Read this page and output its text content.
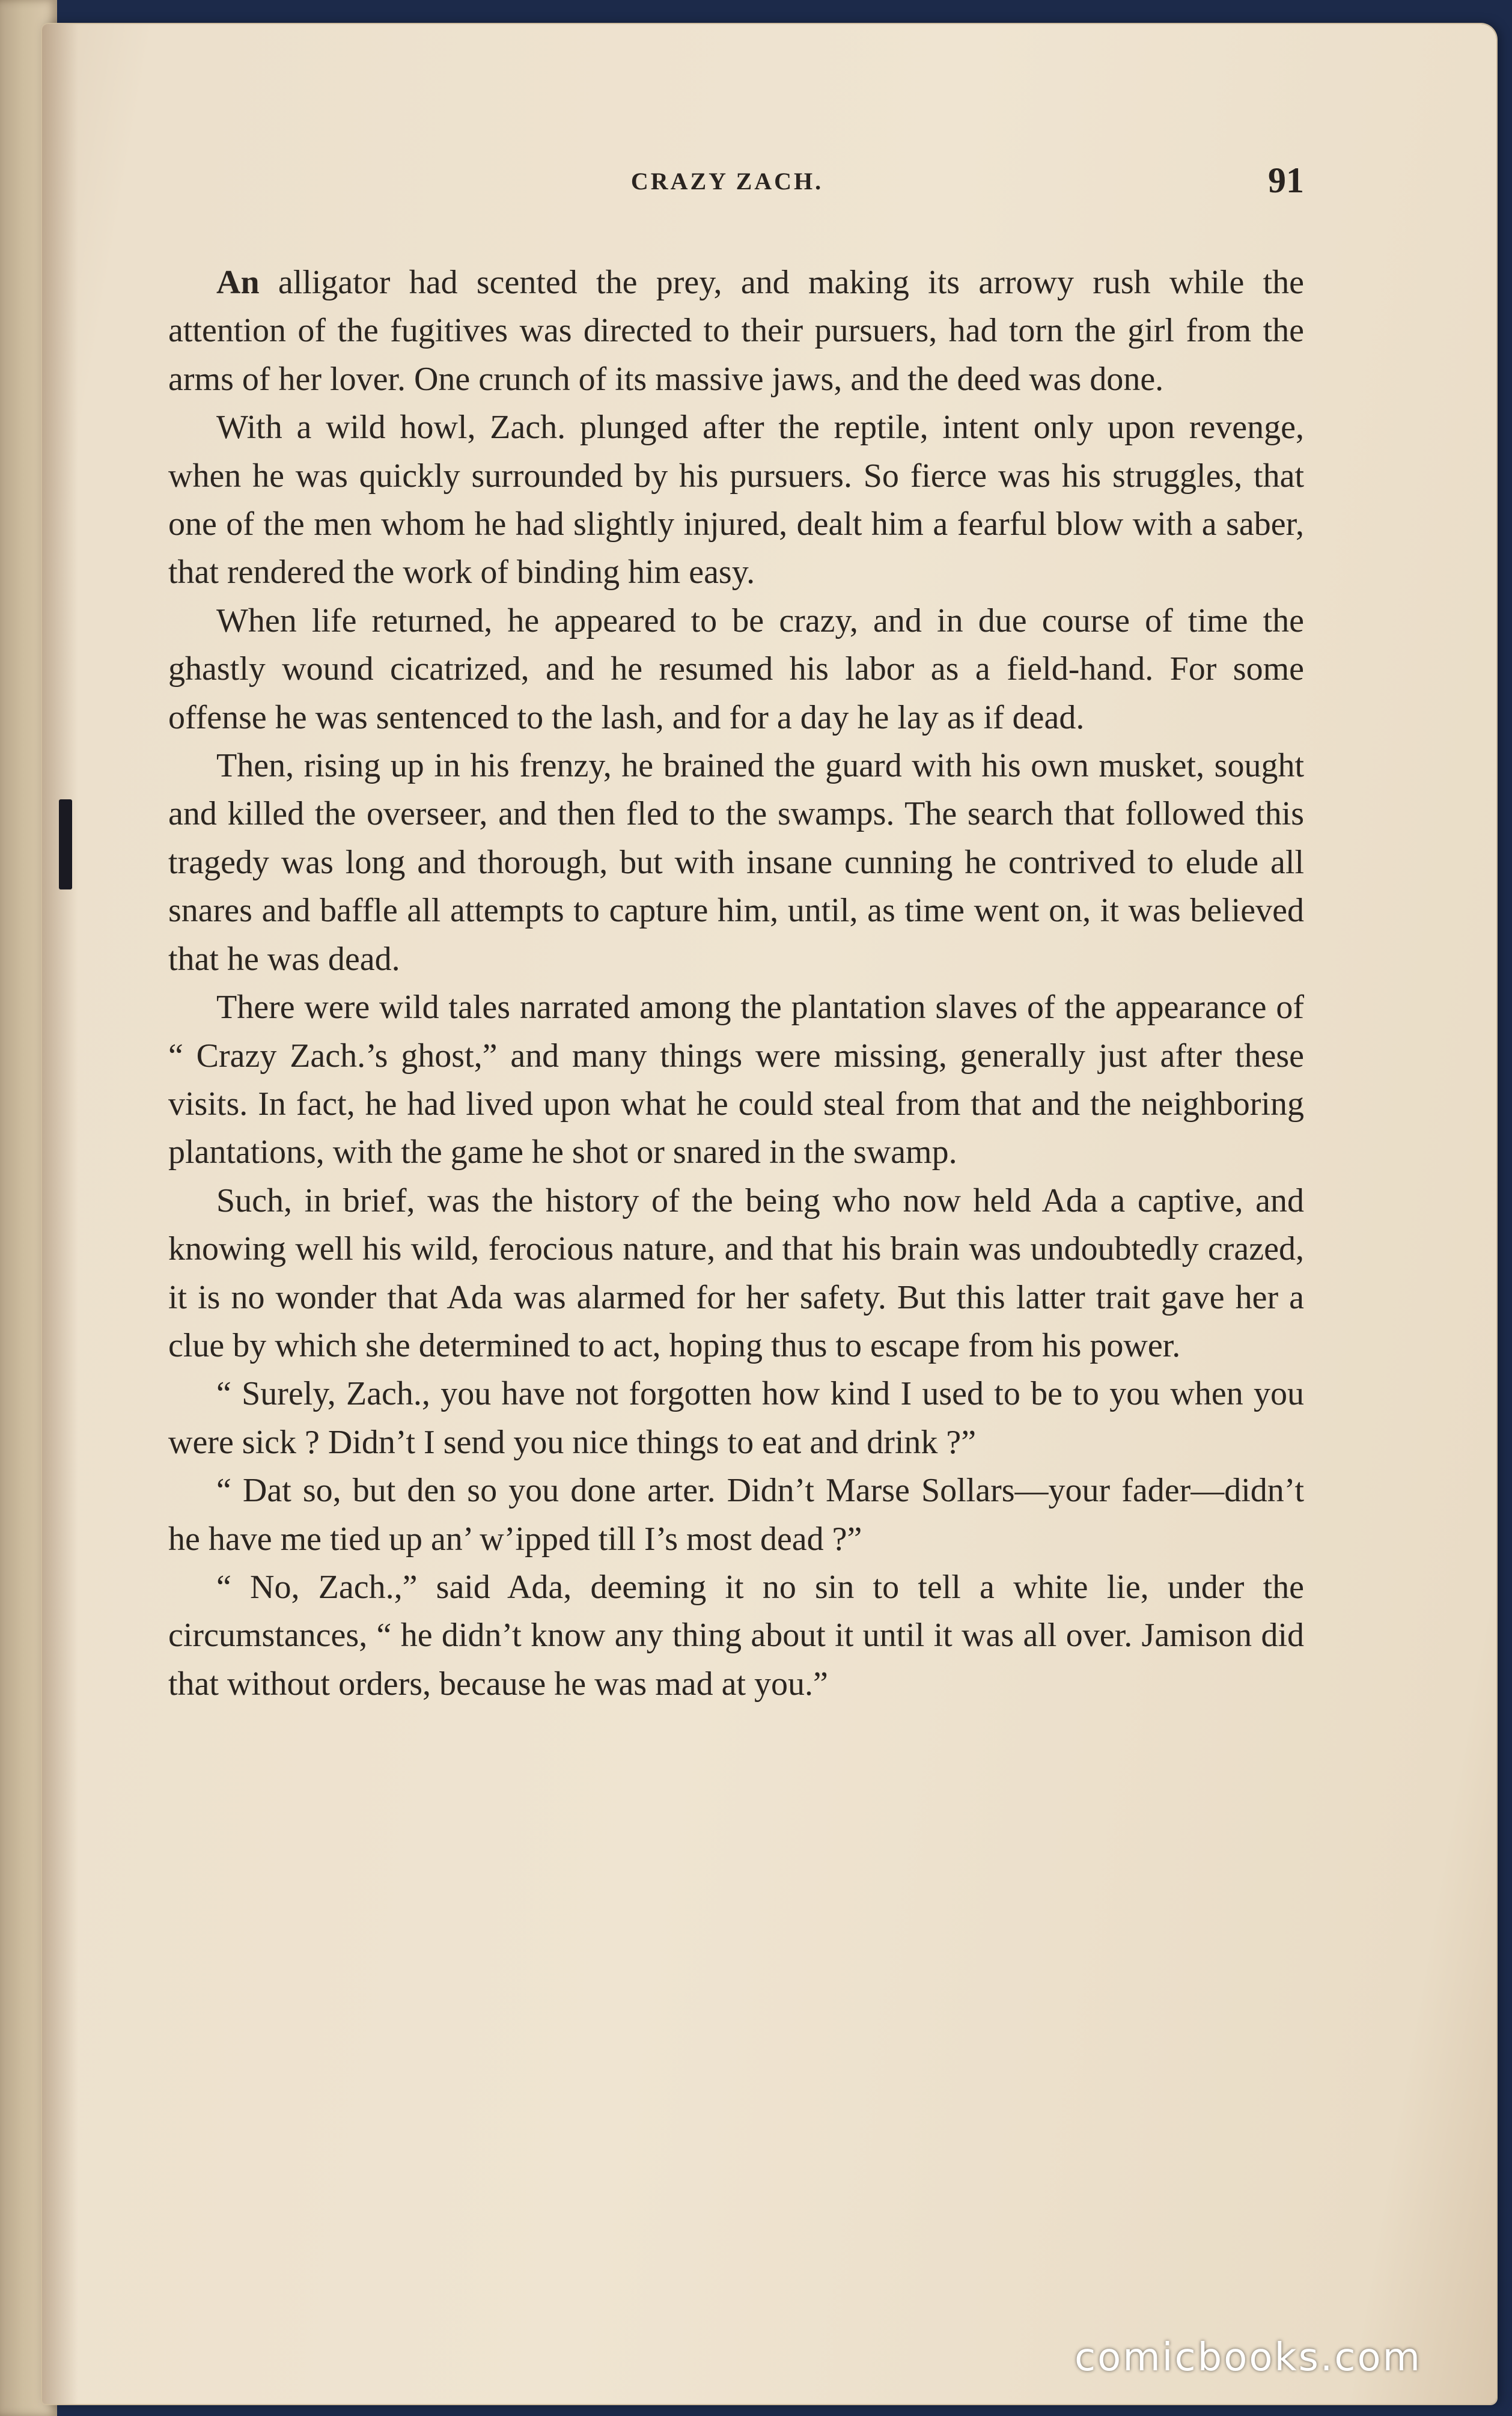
CRAZY ZACH.	91

An alligator had scented the prey, and making its arrowy rush while the attention of the fugitives was directed to their pursuers, had torn the girl from the arms of her lover. One crunch of its massive jaws, and the deed was done.

With a wild howl, Zach. plunged after the reptile, intent only upon revenge, when he was quickly surrounded by his pursuers. So fierce was his struggles, that one of the men whom he had slightly injured, dealt him a fearful blow with a saber, that rendered the work of binding him easy.

When life returned, he appeared to be crazy, and in due course of time the ghastly wound cicatrized, and he resumed his labor as a field-hand. For some offense he was sentenced to the lash, and for a day he lay as if dead.

Then, rising up in his frenzy, he brained the guard with his own musket, sought and killed the overseer, and then fled to the swamps. The search that followed this tragedy was long and thorough, but with insane cunning he contrived to elude all snares and baffle all attempts to capture him, until, as time went on, it was believed that he was dead.

There were wild tales narrated among the plantation slaves of the appearance of “ Crazy Zach.’s ghost,” and many things were missing, generally just after these visits. In fact, he had lived upon what he could steal from that and the neighboring plantations, with the game he shot or snared in the swamp.

Such, in brief, was the history of the being who now held Ada a captive, and knowing well his wild, ferocious nature, and that his brain was undoubtedly crazed, it is no wonder that Ada was alarmed for her safety. But this latter trait gave her a clue by which she determined to act, hoping thus to escape from his power.

“ Surely, Zach., you have not forgotten how kind I used to be to you when you were sick ? Didn’t I send you nice things to eat and drink ?”

“ Dat so, but den so you done arter. Didn’t Marse Sollars—your fader—didn’t he have me tied up an’ w’ipped till I’s most dead ?”

“ No, Zach.,” said Ada, deeming it no sin to tell a white lie, under the circumstances, “ he didn’t know any thing about it until it was all over. Jamison did that without orders, because he was mad at you.”

comicbooks.com
